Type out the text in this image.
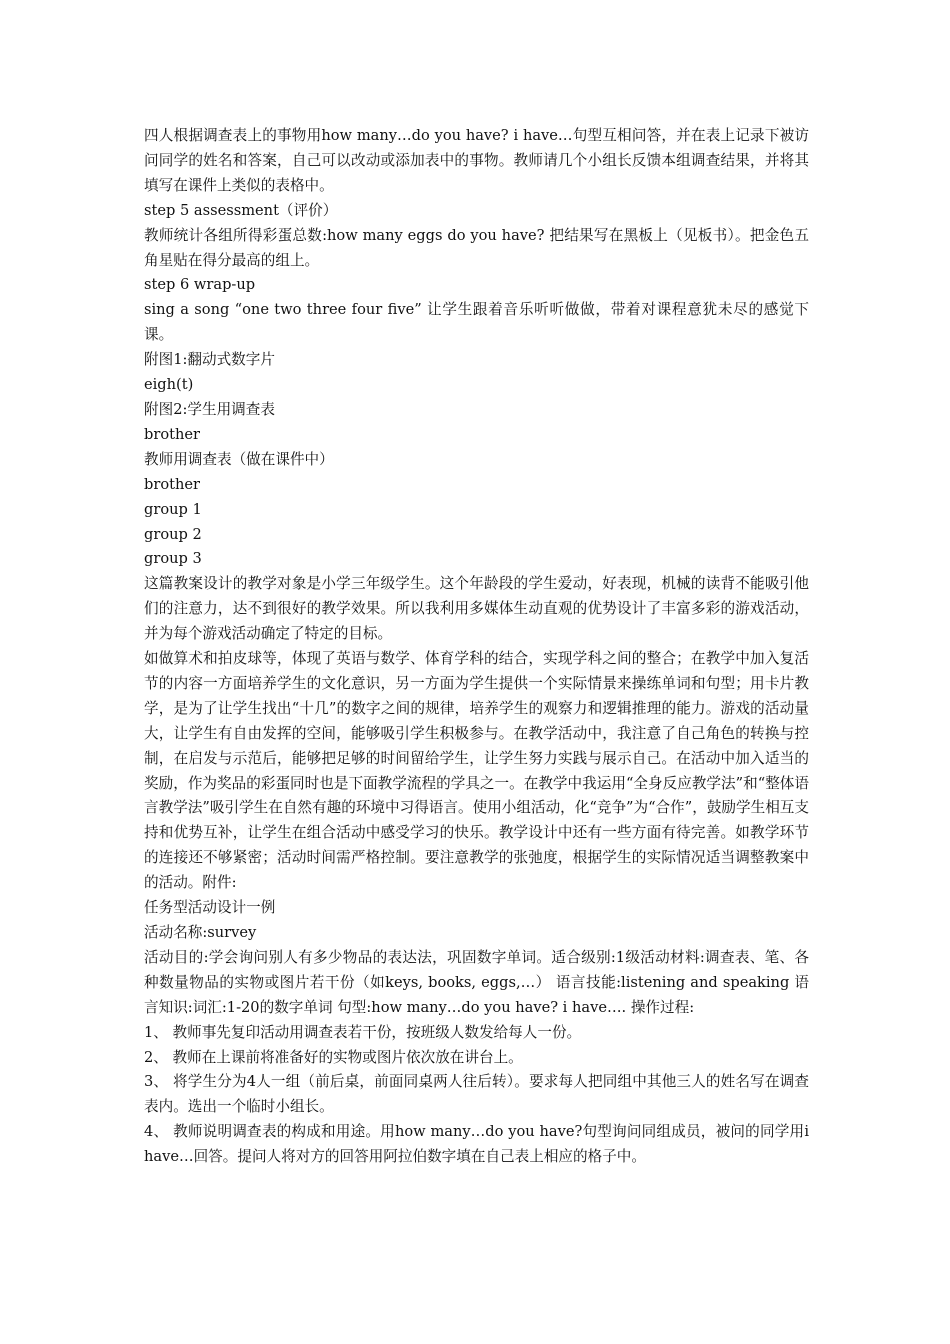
四人根据调查表上的事物用how many…do you have? i have…句型互相问答，并在表上记录下被访问同学的姓名和答案，自己可以改动或添加表中的事物。教师请几个小组长反馈本组调查结果，并将其填写在课件上类似的表格中。

step 5 assessment（评价）

教师统计各组所得彩蛋总数:how many eggs do you have? 把结果写在黑板上（见板书）。把金色五角星贴在得分最高的组上。

step 6 wrap-up

sing a song “one two three four five” 让学生跟着音乐听听做做，带着对课程意犹未尽的感觉下课。

附图1:翻动式数字片

eigh(t)

附图2:学生用调查表

brother

教师用调查表（做在课件中）

brother

group 1

group 2

group 3

这篇教案设计的教学对象是小学三年级学生。这个年龄段的学生爱动，好表现，机械的读背不能吸引他们的注意力，达不到很好的教学效果。所以我利用多媒体生动直观的优势设计了丰富多彩的游戏活动，并为每个游戏活动确定了特定的目标。

如做算术和拍皮球等，体现了英语与数学、体育学科的结合，实现学科之间的整合；在教学中加入复活节的内容一方面培养学生的文化意识，另一方面为学生提供一个实际情景来操练单词和句型；用卡片教学，是为了让学生找出“十几”的数字之间的规律，培养学生的观察力和逻辑推理的能力。游戏的活动量大，让学生有自由发挥的空间，能够吸引学生积极参与。在教学活动中，我注意了自己角色的转换与控制，在启发与示范后，能够把足够的时间留给学生，让学生努力实践与展示自己。在活动中加入适当的奖励，作为奖品的彩蛋同时也是下面教学流程的学具之一。在教学中我运用“全身反应教学法”和“整体语言教学法”吸引学生在自然有趣的环境中习得语言。使用小组活动，化“竞争”为“合作”，鼓励学生相互支持和优势互补，让学生在组合活动中感受学习的快乐。教学设计中还有一些方面有待完善。如教学环节的连接还不够紧密；活动时间需严格控制。要注意教学的张弛度，根据学生的实际情况适当调整教案中的活动。附件:

任务型活动设计一例

活动名称:survey

活动目的:学会询问别人有多少物品的表达法，巩固数字单词。适合级别:1级活动材料:调查表、笔、各种数量物品的实物或图片若干份（如keys, books, eggs,…） 语言技能:listening and speaking 语言知识:词汇:1-20的数字单词 句型:how many…do you have? i have…. 操作过程:

1、 教师事先复印活动用调查表若干份，按班级人数发给每人一份。

2、 教师在上课前将准备好的实物或图片依次放在讲台上。

3、 将学生分为4人一组（前后桌，前面同桌两人往后转）。要求每人把同组中其他三人的姓名写在调查表内。选出一个临时小组长。

4、 教师说明调查表的构成和用途。用how many…do you have?句型询问同组成员，被问的同学用i have…回答。提问人将对方的回答用阿拉伯数字填在自己表上相应的格子中。
